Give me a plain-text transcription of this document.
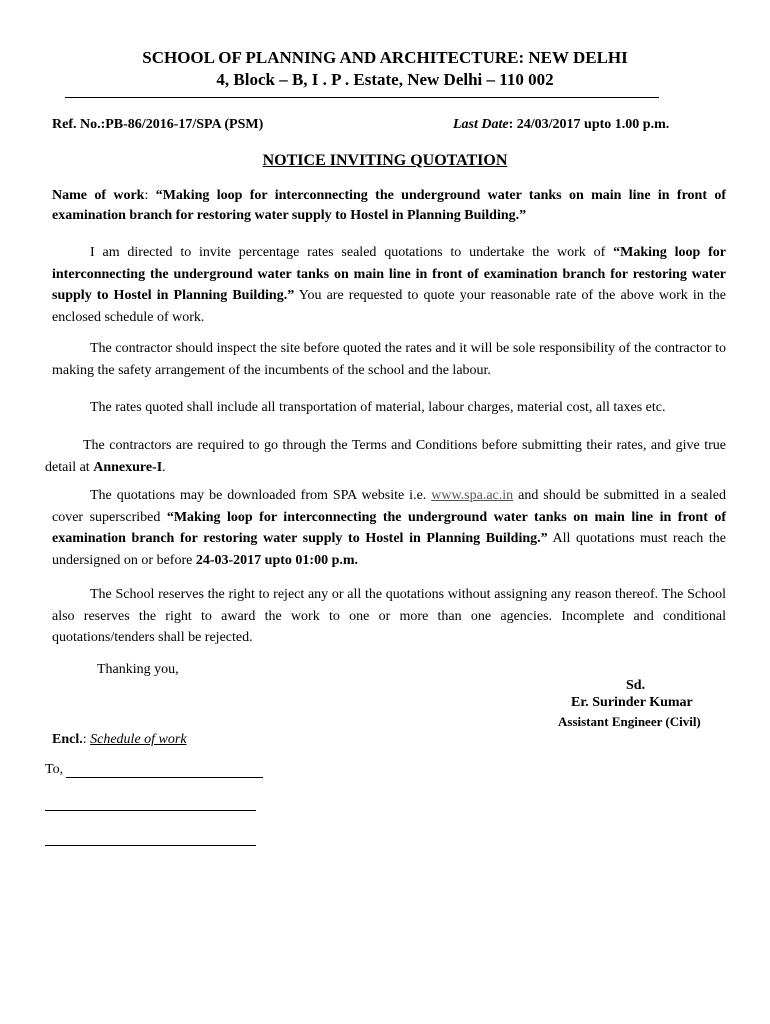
SCHOOL OF PLANNING AND ARCHITECTURE: NEW DELHI
4, Block – B, I . P . Estate, New Delhi – 110 002
Ref. No.:PB-86/2016-17/SPA (PSM)	Last Date: 24/03/2017 upto 1.00 p.m.
NOTICE INVITING QUOTATION
Name of work: “Making loop for interconnecting the underground water tanks on main line in front of examination branch for restoring water supply to Hostel in Planning Building.”
I am directed to invite percentage rates sealed quotations to undertake the work of “Making loop for interconnecting the underground water tanks on main line in front of examination branch for restoring water supply to Hostel in Planning Building.” You are requested to quote your reasonable rate of the above work in the enclosed schedule of work.
The contractor should inspect the site before quoted the rates and it will be sole responsibility of the contractor to making the safety arrangement of the incumbents of the school and the labour.
The rates quoted shall include all transportation of material, labour charges, material cost, all taxes etc.
The contractors are required to go through the Terms and Conditions before submitting their rates, and give true detail at Annexure-I.
The quotations may be downloaded from SPA website i.e. www.spa.ac.in and should be submitted in a sealed cover superscribed “Making loop for interconnecting the underground water tanks on main line in front of examination branch for restoring water supply to Hostel in Planning Building.” All quotations must reach the undersigned on or before 24-03-2017 upto 01:00 p.m.
The School reserves the right to reject any or all the quotations without assigning any reason thereof. The School also reserves the right to award the work to one or more than one agencies. Incomplete and conditional quotations/tenders shall be rejected.
Thanking you,
Sd.
Er. Surinder Kumar
Assistant Engineer (Civil)
Encl.: Schedule of work
To,
